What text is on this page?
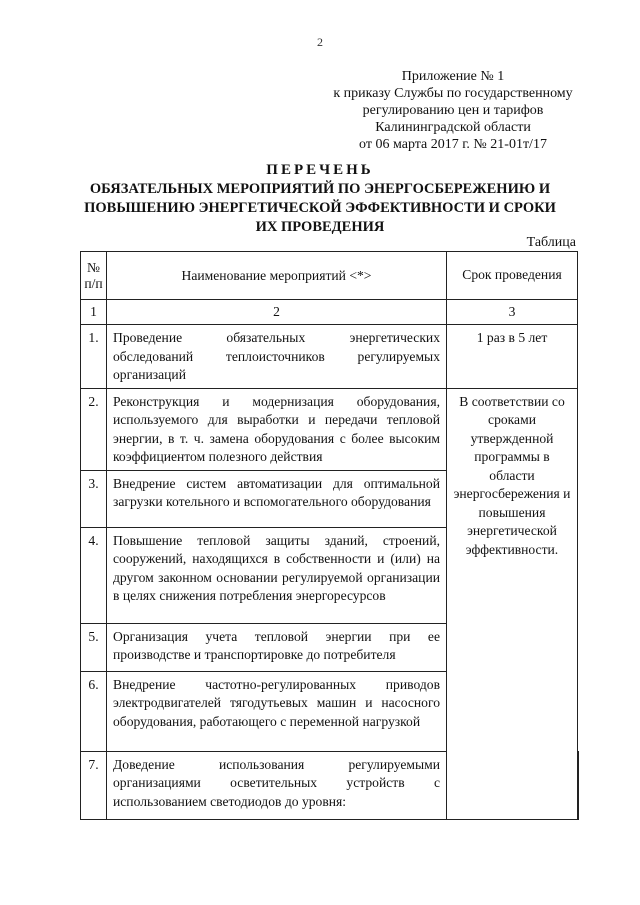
2
Приложение № 1
к приказу Службы по государственному
регулированию цен и тарифов
Калининградской области
от 06 марта 2017 г. № 21-01т/17
ПЕРЕЧЕНЬ
ОБЯЗАТЕЛЬНЫХ МЕРОПРИЯТИЙ ПО ЭНЕРГОСБЕРЕЖЕНИЮ И
ПОВЫШЕНИЮ ЭНЕРГЕТИЧЕСКОЙ ЭФФЕКТИВНОСТИ И СРОКИ
ИХ ПРОВЕДЕНИЯ
Таблица
№ п/п	Наименование мероприятий <*>	Срок проведения	
1	2	3	
1.	Проведение обязательных энергетических обследований теплоисточников регулируемых организаций	1 раз в 5 лет	
2.	Реконструкция и модернизация оборудования, используемого для выработки и передачи тепловой энергии, в т. ч. замена оборудования с более высоким коэффициентом полезного действия	В соответствии со сроками утвержденной программы в области энергосбережения и повышения энергетической эффективности.	
3.	Внедрение систем автоматизации для оптимальной загрузки котельного и вспомогательного оборудования		

4.	Повышение тепловой защиты зданий, строений, сооружений, находящихся в собственности и (или) на другом законном основании регулируемой организации в целях снижения потребления энергоресурсов		

5.	Организация учета тепловой энергии при ее производстве и транспортировке до потребителя		

6.	Внедрение частотно-регулированных приводов электродвигателей тягодутьевых машин и насосного оборудования, работающего с переменной нагрузкой		

7.	Доведение использования регулируемыми организациями осветительных устройств с использованием светодиодов до уровня:		
